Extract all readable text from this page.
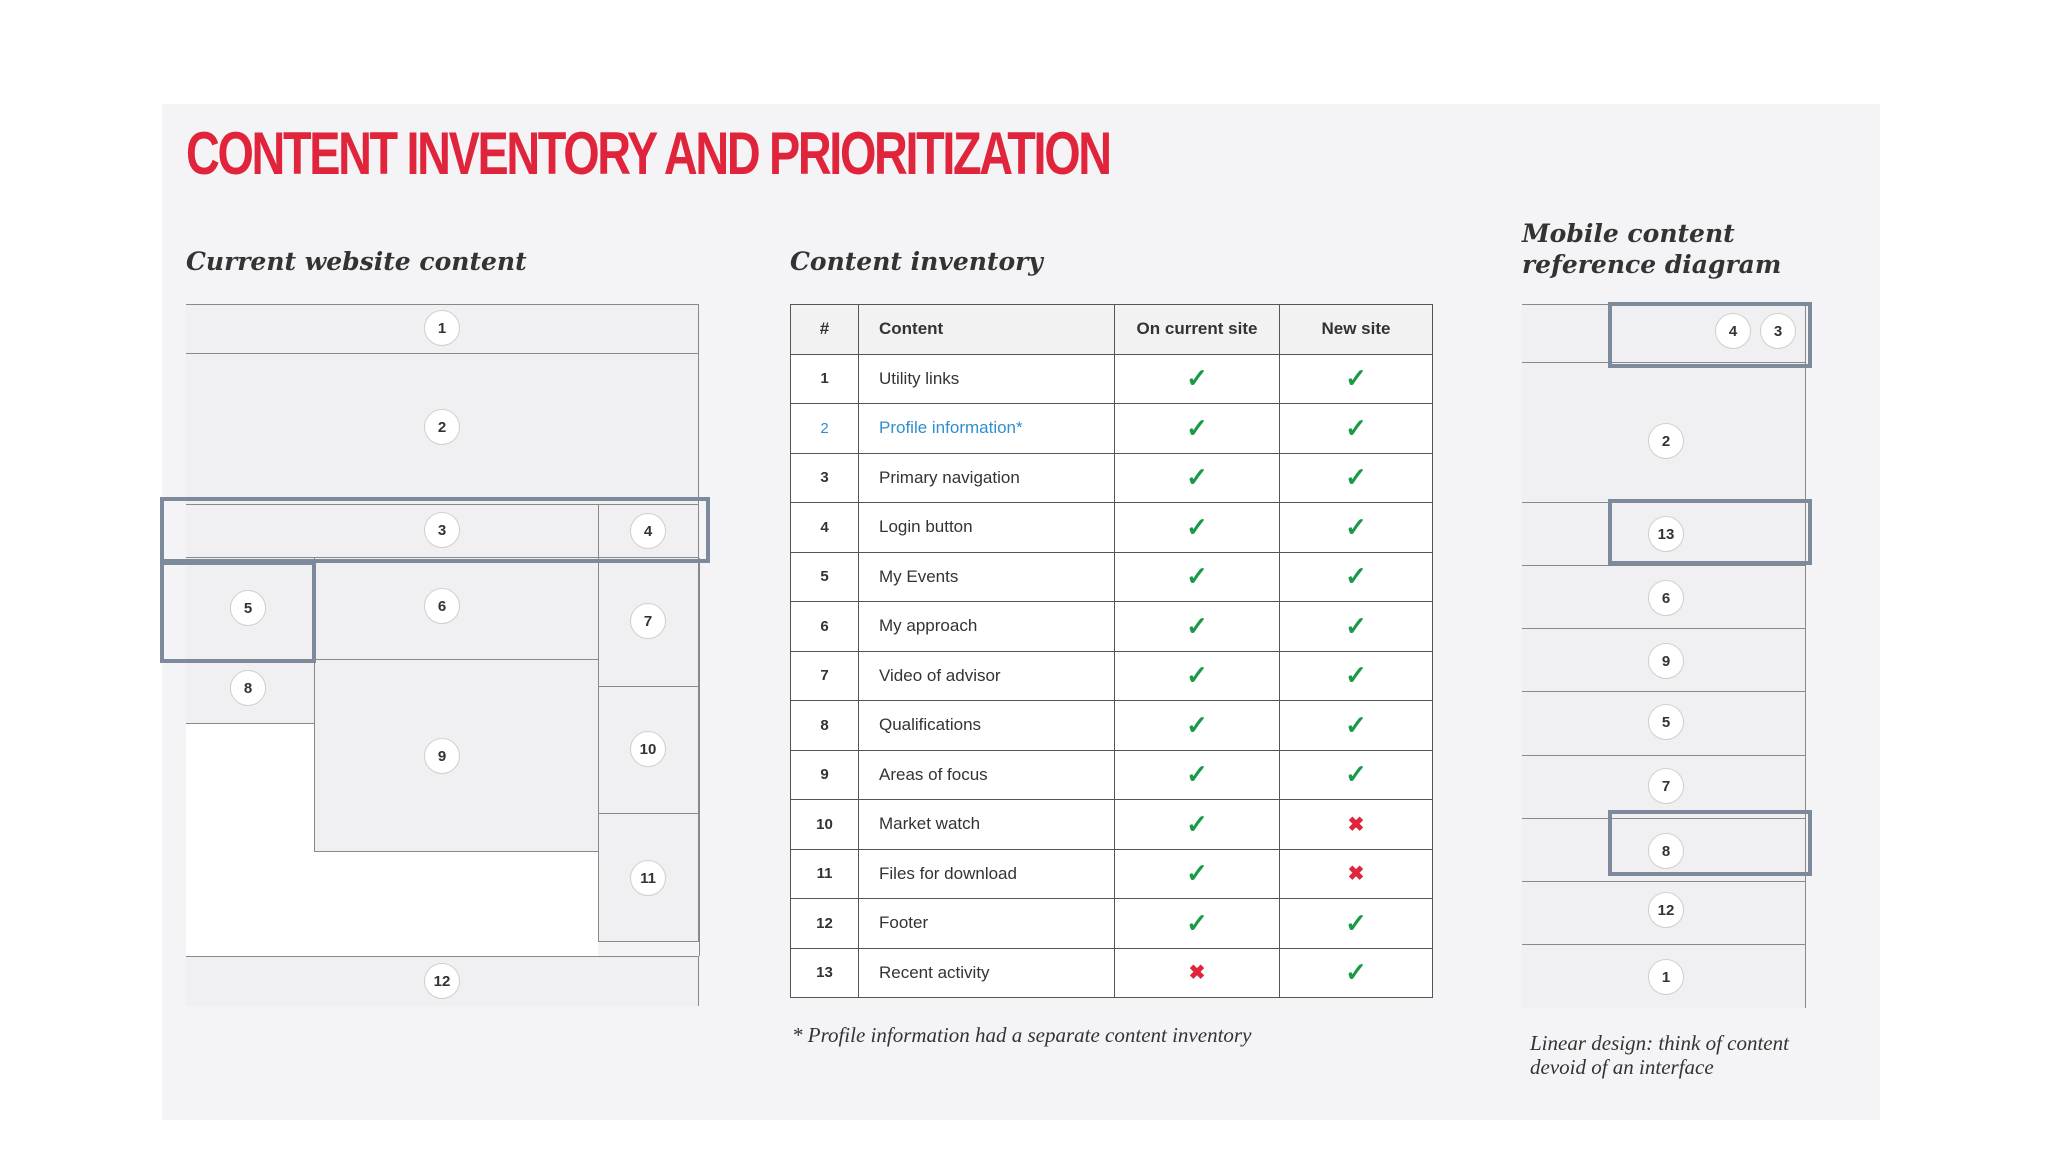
CONTENT INVENTORY AND PRIORITIZATION
Current website content	Content inventory
Mobile content reference diagram
1
2
3	4
5	6
7
8
9	10
11
12
#	Content	On current site	New site
1	Utility links	✓	✓
2	Profile information*	✓	✓
3	Primary navigation	✓	✓
4	Login button	✓	✓
5	My Events	✓	✓
6	My approach	✓	✓
7	Video of advisor	✓	✓
8	Qualifications	✓	✓
9	Areas of focus	✓	✓
10	Market watch	✓	✖
11	Files for download	✓	✖
12	Footer	✓	✓
13	Recent activity	✖	✓
* Profile information had a separate content inventory
4	3
2
13
6
9
5
7
8
12
1
Linear design: think of content devoid of an interface
